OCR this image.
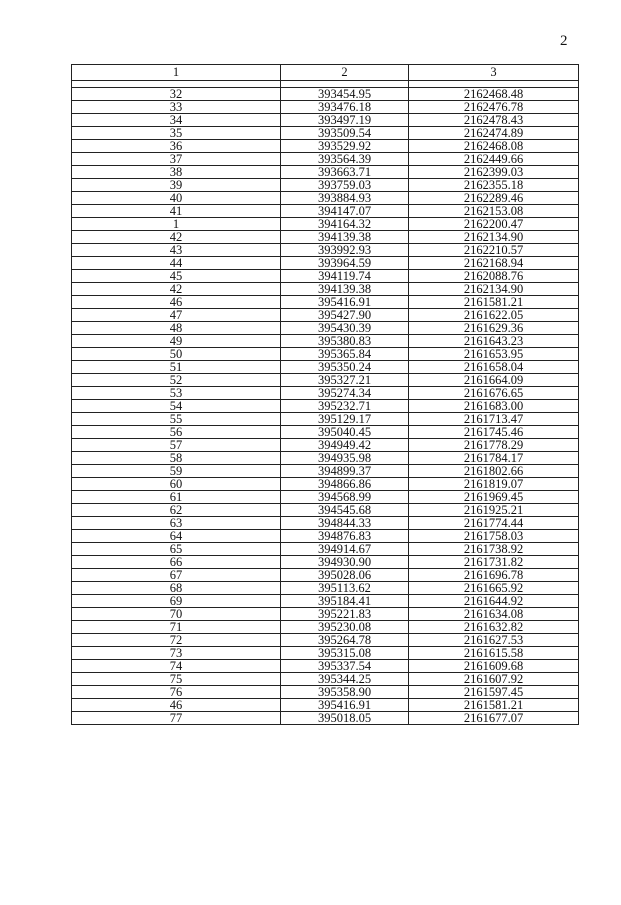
2
1	2	3

32	393454.95	2162468.48
33	393476.18	2162476.78
34	393497.19	2162478.43
35	393509.54	2162474.89
36	393529.92	2162468.08
37	393564.39	2162449.66
38	393663.71	2162399.03
39	393759.03	2162355.18
40	393884.93	2162289.46
41	394147.07	2162153.08
1	394164.32	2162200.47
42	394139.38	2162134.90
43	393992.93	2162210.57
44	393964.59	2162168.94
45	394119.74	2162088.76
42	394139.38	2162134.90
46	395416.91	2161581.21
47	395427.90	2161622.05
48	395430.39	2161629.36
49	395380.83	2161643.23
50	395365.84	2161653.95
51	395350.24	2161658.04
52	395327.21	2161664.09
53	395274.34	2161676.65
54	395232.71	2161683.00
55	395129.17	2161713.47
56	395040.45	2161745.46
57	394949.42	2161778.29
58	394935.98	2161784.17
59	394899.37	2161802.66
60	394866.86	2161819.07
61	394568.99	2161969.45
62	394545.68	2161925.21
63	394844.33	2161774.44
64	394876.83	2161758.03
65	394914.67	2161738.92
66	394930.90	2161731.82
67	395028.06	2161696.78
68	395113.62	2161665.92
69	395184.41	2161644.92
70	395221.83	2161634.08
71	395230.08	2161632.82
72	395264.78	2161627.53
73	395315.08	2161615.58
74	395337.54	2161609.68
75	395344.25	2161607.92
76	395358.90	2161597.45
46	395416.91	2161581.21
77	395018.05	2161677.07
